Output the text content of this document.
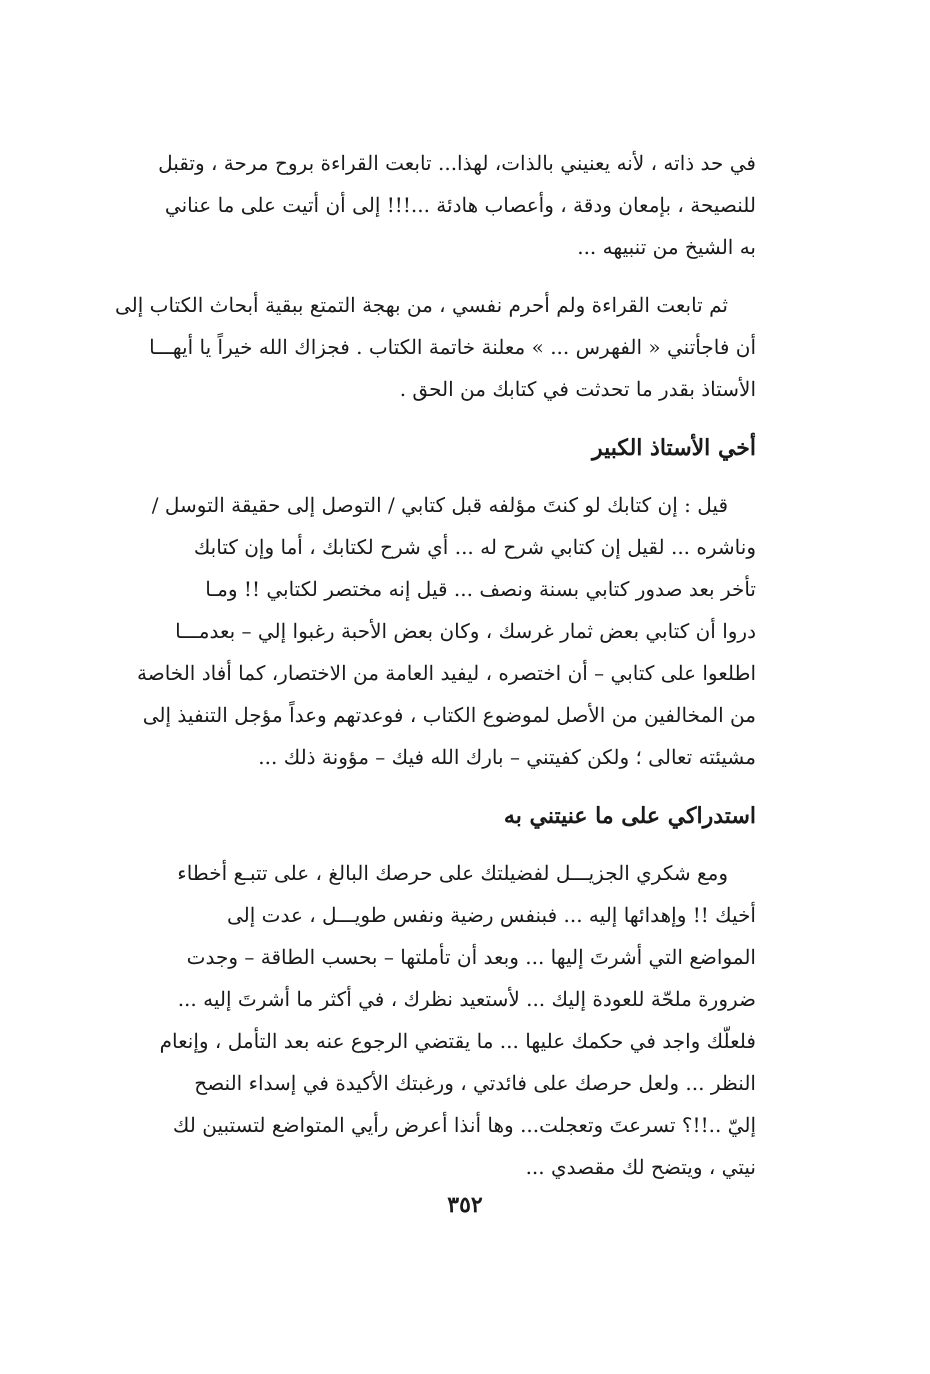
في حد ذاته ، لأنه يعنيني بالذات، لهذا... تابعت القراءة بروح مرحة ، وتقبل
للنصيحة ، بإمعان ودقة ، وأعصاب هادئة ...!!! إلى أن أتيت على ما عناني
به الشيخ من تنبيهه ...
ثم تابعت القراءة ولم أحرم نفسي ، من بهجة التمتع ببقية أبحاث الكتاب إلى
أن فاجأتني « الفهرس ... » معلنة خاتمة الكتاب . فجزاك الله خيراً يا أيهـــا
الأستاذ بقدر ما تحدثت في كتابك من الحق .
أخي الأستاذ الكبير
قيل : إن كتابك لو كنتَ مؤلفه قبل كتابي / التوصل إلى حقيقة التوسل /
وناشره ... لقيل إن كتابي شرح له ... أي شرح لكتابك ، أما وإن كتابك
تأخر بعد صدور كتابي بسنة ونصف ... قيل إنه مختصر لكتابي !! ومـا
دروا أن كتابي بعض ثمار غرسك ، وكان بعض الأحبة رغبوا إلي – بعدمـــا
اطلعوا على كتابي – أن اختصره ، ليفيد العامة من الاختصار، كما أفاد الخاصة
من المخالفين من الأصل لموضوع الكتاب ، فوعدتهم وعداً مؤجل التنفيذ إلى
مشيئته تعالى ؛ ولكن كفيتني – بارك الله فيك – مؤونة ذلك ...
استدراكي على ما عنيتني به
ومع شكري الجزيـــل لفضيلتك على حرصك البالغ ، على تتبـع أخطاء
أخيك !! وإهدائها إليه ... فبنفس رضية ونفس طويـــل ، عدت إلى
المواضع التي أشرتَ إليها ... وبعد أن تأملتها – بحسب الطاقة – وجدت
ضرورة ملحّة للعودة إليك ... لأستعيد نظرك ، في أكثر ما أشرتَ إليه ...
فلعلّك واجد في حكمك عليها ... ما يقتضي الرجوع عنه بعد التأمل ، وإنعام
النظر ... ولعل حرصك على فائدتي ، ورغبتك الأكيدة في إسداء النصح
إليّ ..!!؟ تسرعتَ وتعجلت... وها أنذا أعرض رأيي المتواضع لتستبين لك
نيتي ، ويتضح لك مقصدي ...
٣٥٢
